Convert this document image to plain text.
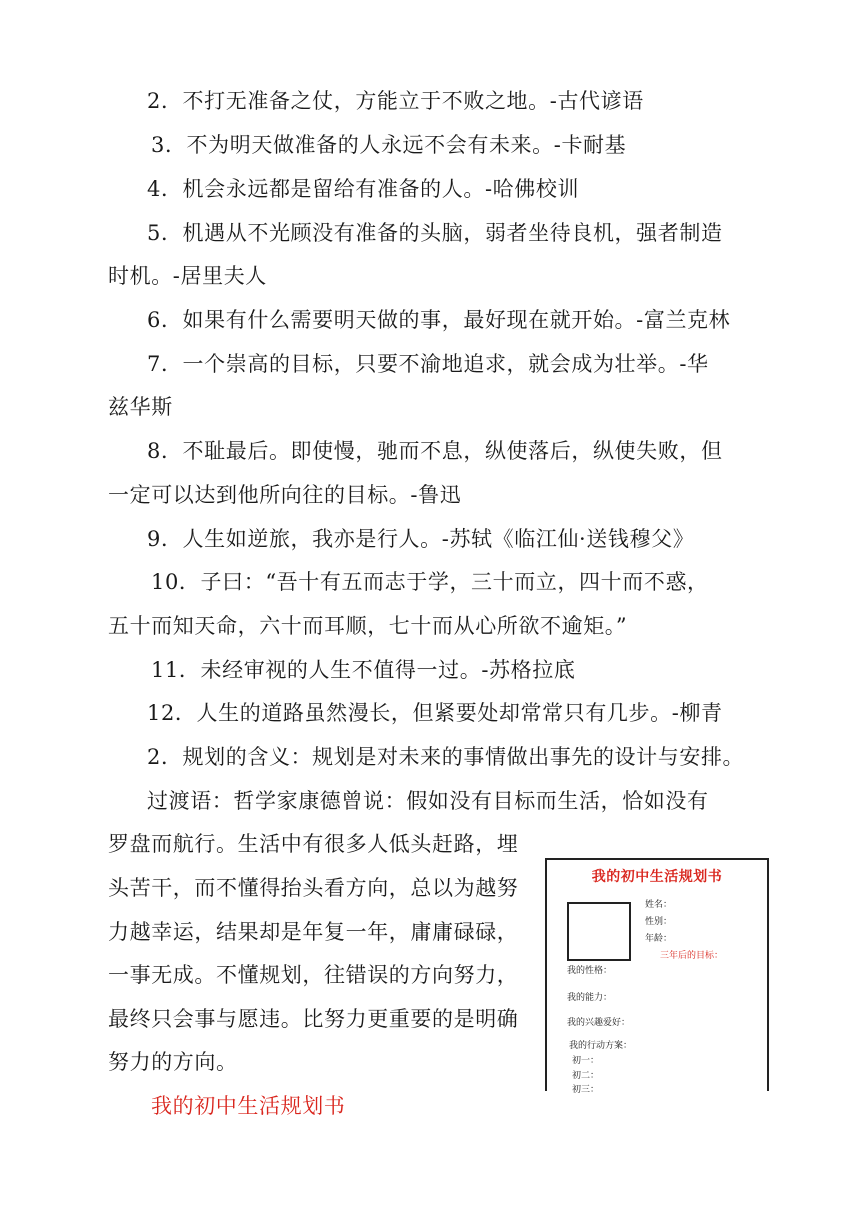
2．不打无准备之仗，方能立于不败之地。-古代谚语
3．不为明天做准备的人永远不会有未来。-卡耐基
4．机会永远都是留给有准备的人。-哈佛校训
5．机遇从不光顾没有准备的头脑，弱者坐待良机，强者制造
时机。-居里夫人
6．如果有什么需要明天做的事，最好现在就开始。-富兰克林
7．一个崇高的目标，只要不渝地追求，就会成为壮举。-华
兹华斯
8．不耻最后。即使慢，驰而不息，纵使落后，纵使失败，但
一定可以达到他所向往的目标。-鲁迅
9．人生如逆旅，我亦是行人。-苏轼《临江仙·送钱穆父》
10．子曰：“吾十有五而志于学，三十而立，四十而不惑，
五十而知天命，六十而耳顺，七十而从心所欲不逾矩。”
11．未经审视的人生不值得一过。-苏格拉底
12．人生的道路虽然漫长，但紧要处却常常只有几步。-柳青
2．规划的含义：规划是对未来的事情做出事先的设计与安排。
过渡语：哲学家康德曾说：假如没有目标而生活，恰如没有
罗盘而航行。生活中有很多人低头赶路，埋
头苦干，而不懂得抬头看方向，总以为越努
力越幸运，结果却是年复一年，庸庸碌碌，
一事无成。不懂规划，往错误的方向努力，
最终只会事与愿违。比努力更重要的是明确
努力的方向。
我的初中生活规划书
我的初中生活规划书
姓名：
性别：
年龄：
三年后的目标：
我的性格：
我的能力：
我的兴趣爱好：
我的行动方案：
初一：
初二：
初三：
